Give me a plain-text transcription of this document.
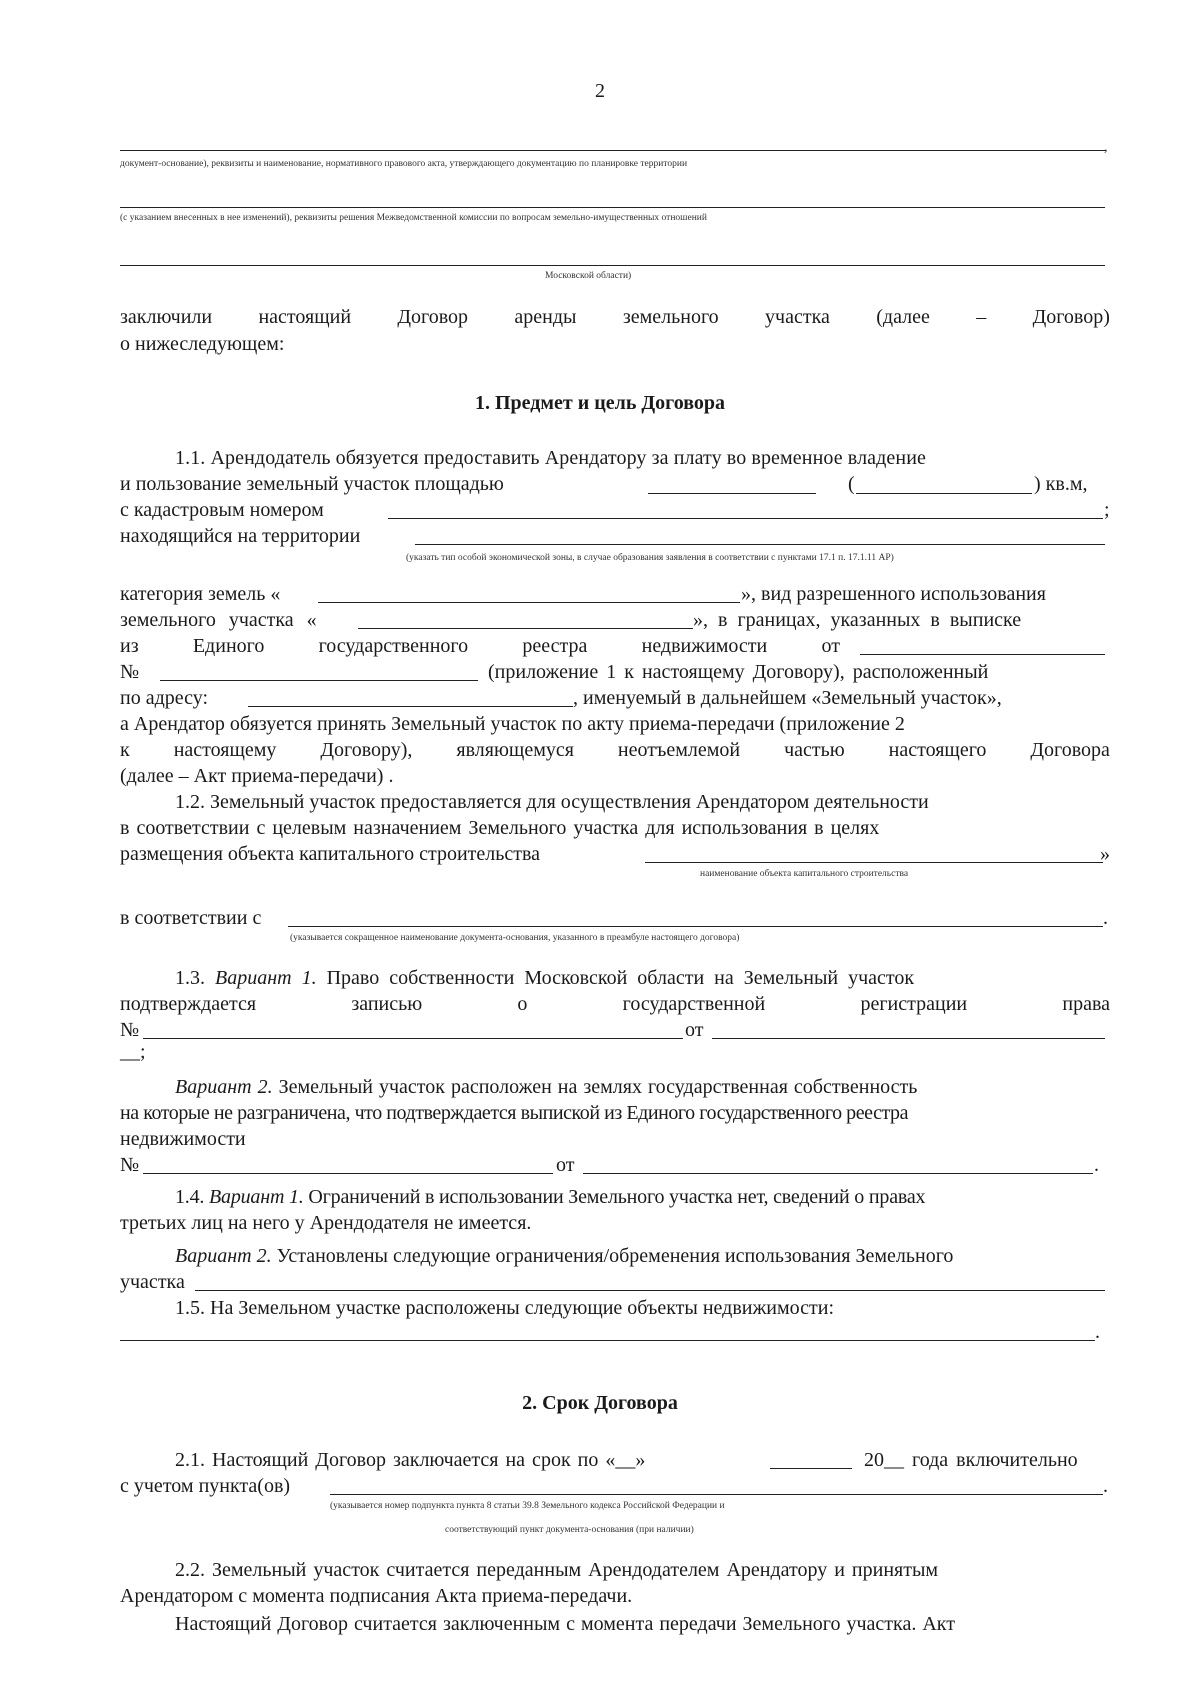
2
,
документ-основание), реквизиты и наименование, нормативного правового акта, утверждающего документацию по планировке территории
(с указанием внесенных в нее изменений), реквизиты решения Межведомственной комиссии по вопросам земельно-имущественных отношений
Московской области)
заключили настоящий Договор аренды земельного участка (далее – Договор)
о нижеследующем:
1. Предмет и цель Договора
1.1. Арендодатель обязуется предоставить Арендатору за плату во временное владение
и пользование земельный участок площадью	(	) кв.м,
с кадастровым номером	;
находящийся на территории
(указать тип особой экономической зоны, в случае образования заявления в соответствии с пунктами 17.1 п. 17.1.11 АР)
категория земель «	», вид разрешенного использования
земельного участка «	», в границах, указанных в выписке
из	Единого	государственного	реестра	недвижимости	от
№	(приложение 1 к настоящему Договору), расположенный
по адресу:	, именуемый в дальнейшем «Земельный участок»,
а Арендатор обязуется принять Земельный участок по акту приема-передачи (приложение 2
к настоящему Договору), являющемуся неотъемлемой частью настоящего Договора
(далее – Акт приема-передачи) .
1.2. Земельный участок предоставляется для осуществления Арендатором деятельности
в соответствии с целевым назначением Земельного участка для использования в целях
размещения объекта капитального строительства	»
наименование объекта капитального строительства
в соответствии с	.
(указывается сокращенное наименование документа-основания, указанного в преамбуле настоящего договора)
1.3. Вариант 1. Право собственности Московской области на Земельный участок
подтверждается	записью	о	государственной	регистрации	права
№	от
__;
Вариант 2. Земельный участок расположен на землях государственная собственность
на которые не разграничена, что подтверждается выпиской из Единого государственного реестра
недвижимости
№	от	.
1.4. Вариант 1. Ограничений в использовании Земельного участка нет, сведений о правах
третьих лиц на него у Арендодателя не имеется.
Вариант 2. Установлены следующие ограничения/обременения использования Земельного
участка
1.5. На Земельном участке расположены следующие объекты недвижимости:
.
2. Срок Договора
2.1. Настоящий Договор заключается на срок по «__»	20__ года включительно
с учетом пункта(ов)	.
(указывается номер подпункта пункта 8 статьи 39.8 Земельного кодекса Российской Федерации и
соответствующий пункт документа-основания (при наличии)
2.2. Земельный участок считается переданным Арендодателем Арендатору и принятым
Арендатором с момента подписания Акта приема-передачи.
Настоящий Договор считается заключенным с момента передачи Земельного участка. Акт
